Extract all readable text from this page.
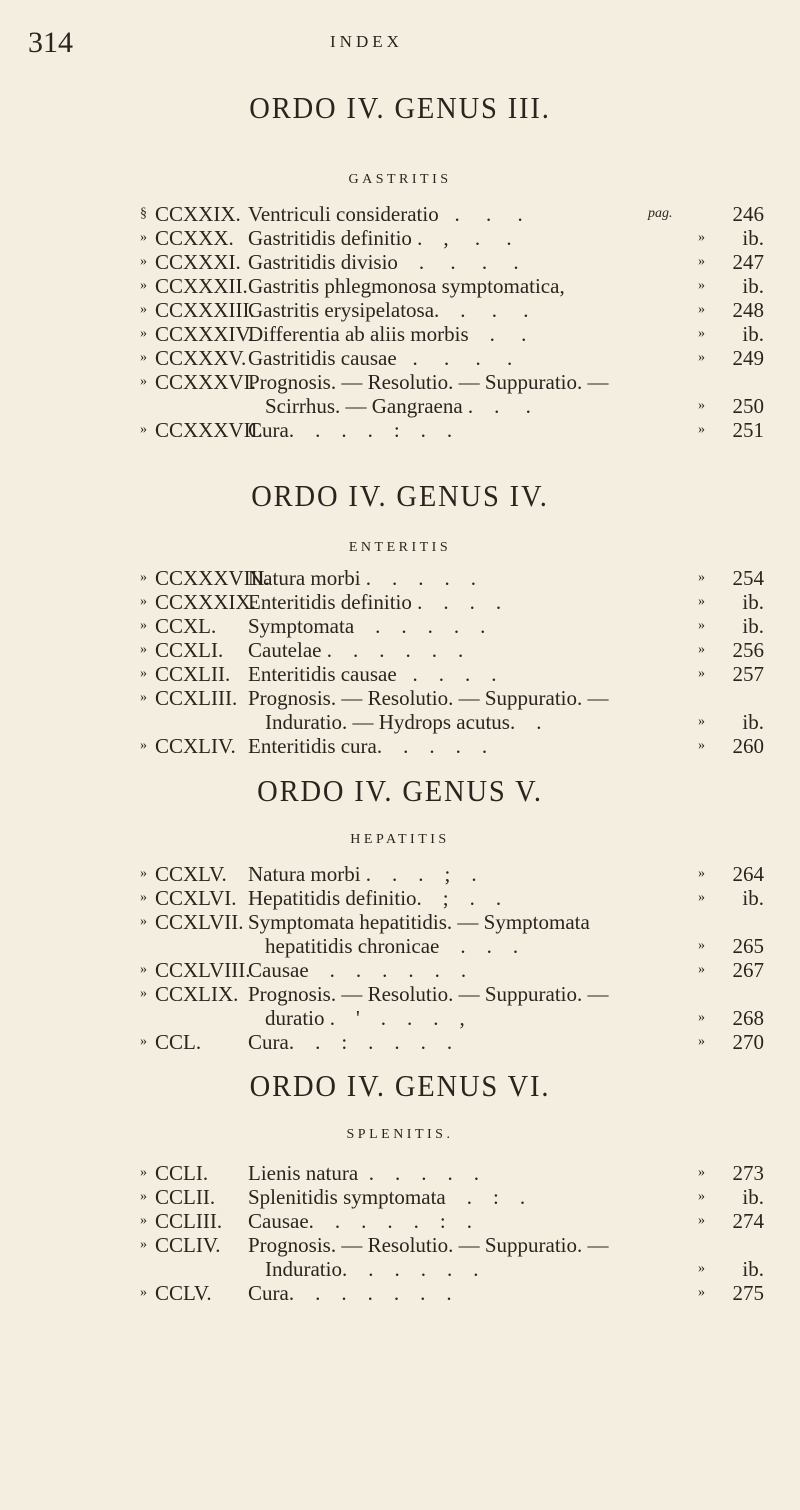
314	INDEX
ORDO IV. GENUS III.
GASTRITIS
§ CCXXIX. Ventriculi consideratio   .     .     .	pag.	246
» CCXXX. Gastritidis definitio .    ,     .     .	» ib.
» CCXXXI. Gastritidis divisio    .     .     .     .	» 247
» CCXXXII. Gastritis phlegmonosa symptomatica,	» ib.
» CCXXXIII.
Gastritis erysipelatosa.    .     .     .	» 248
» CCXXXIV.
Differentia ab aliis morbis    .     .	» ib.
» CCXXXV. Gastritidis causae   .     .     .     .	» 249
» CCXXXVI.
Prognosis. — Resolutio. — Suppuratio. —
Scirrhus. — Gangraena .    .     .	» 250
» CCXXXVII.
Cura.    .    .    .    :    .    .	» 251
ORDO IV. GENUS IV.
ENTERITIS
» CCXXXVIII.
Natura morbi .    .    .    .    .	» 254
» CCXXXIX.
Enteritidis definitio .    .    .    .	» ib.
» CCXL. Symptomata    .    .    .    .    .	» ib.
» CCXLI. Cautelae .    .    .    .    .    .	» 256
» CCXLII. Enteritidis causae   .    .    .    .	» 257
» CCXLIII. Prognosis. — Resolutio. — Suppuratio. —
Induratio. — Hydrops acutus.    .	» ib.
» CCXLIV. Enteritidis cura.    .    .    .    .	» 260
ORDO IV. GENUS V.
HEPATITIS
» CCXLV. Natura morbi .    .    .    ;    .	» 264
» CCXLVI. Hepatitidis definitio.    ;    .    .	» ib.
» CCXLVII. Symptomata hepatitidis. — Symptomata
hepatitidis chronicae    .    .    .	» 265
» CCXLVIII.
Causae    .    .    .    .    .    .	» 267
» CCXLIX. Prognosis. — Resolutio. — Suppuratio. —
duratio .    '    .    .    .    ,	» 268
» CCL. Cura.    .    :    .    .    .    .	» 270
ORDO IV. GENUS VI.
SPLENITIS.
» CCLI. Lienis natura  .    .    .    .    .	» 273
» CCLII. Splenitidis symptomata    .    :    .	» ib.
» CCLIII. Causae.    .    .    .    .    :    .	» 274
» CCLIV. Prognosis. — Resolutio. — Suppuratio. —
Induratio.    .    .    .    .    .	» ib.
» CCLV. Cura.    .    .    .    .    .    .	» 275
